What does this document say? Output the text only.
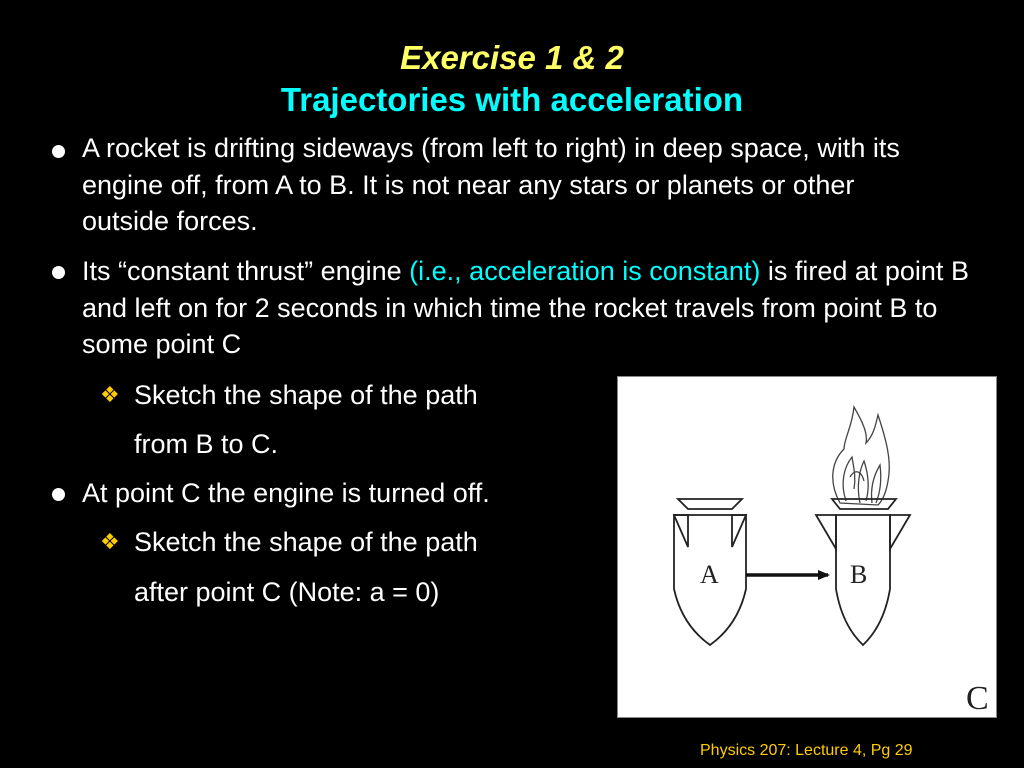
Exercise 1 & 2
Trajectories with acceleration
A rocket is drifting sideways (from left to right) in deep space, with its engine off, from A to B. It is not near any stars or planets or other outside forces.
Its “constant thrust” engine (i.e., acceleration is constant) is fired at point B and left on for 2 seconds in which time the rocket travels from point B to some point C
❖ Sketch the shape of the path
from B to C.
At point C the engine is turned off.
❖ Sketch the shape of the path
after point C (Note: a = 0)
A	B
C
Physics 207: Lecture 4, Pg 29
